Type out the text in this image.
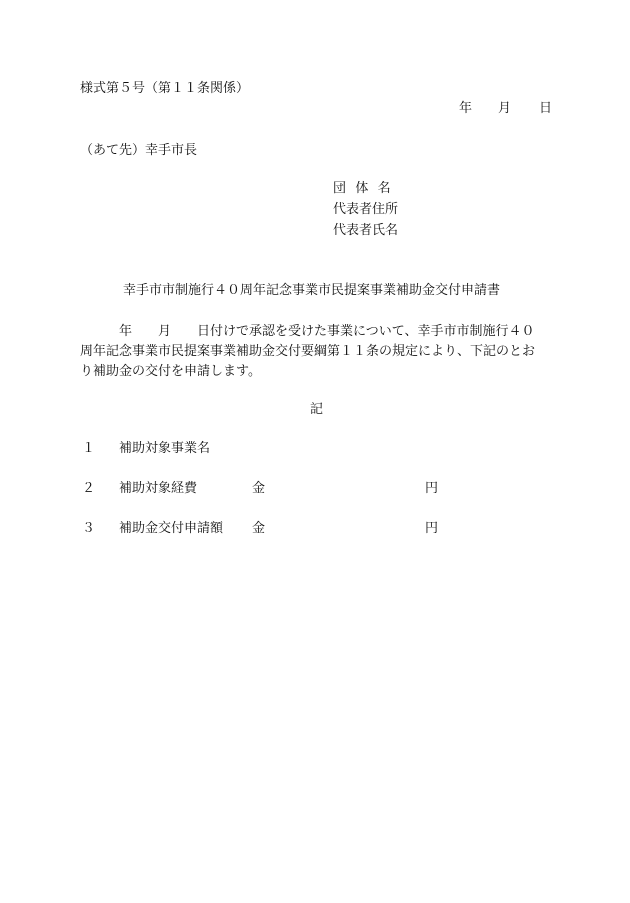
様式第５号（第１１条関係）
年 月 日
（あて先）幸手市長
団 体 名
代表者住所
代表者氏名
幸手市市制施行４０周年記念事業市民提案事業補助金交付申請書
　　　年　　月　　日付けで承認を受けた事業について、幸手市市制施行４０
周年記念事業市民提案事業補助金交付要綱第１１条の規定により、下記のとお
り補助金の交付を申請します。
記
１ 補助対象事業名
２ 補助対象経費	金	円
３ 補助金交付申請額 金	円
